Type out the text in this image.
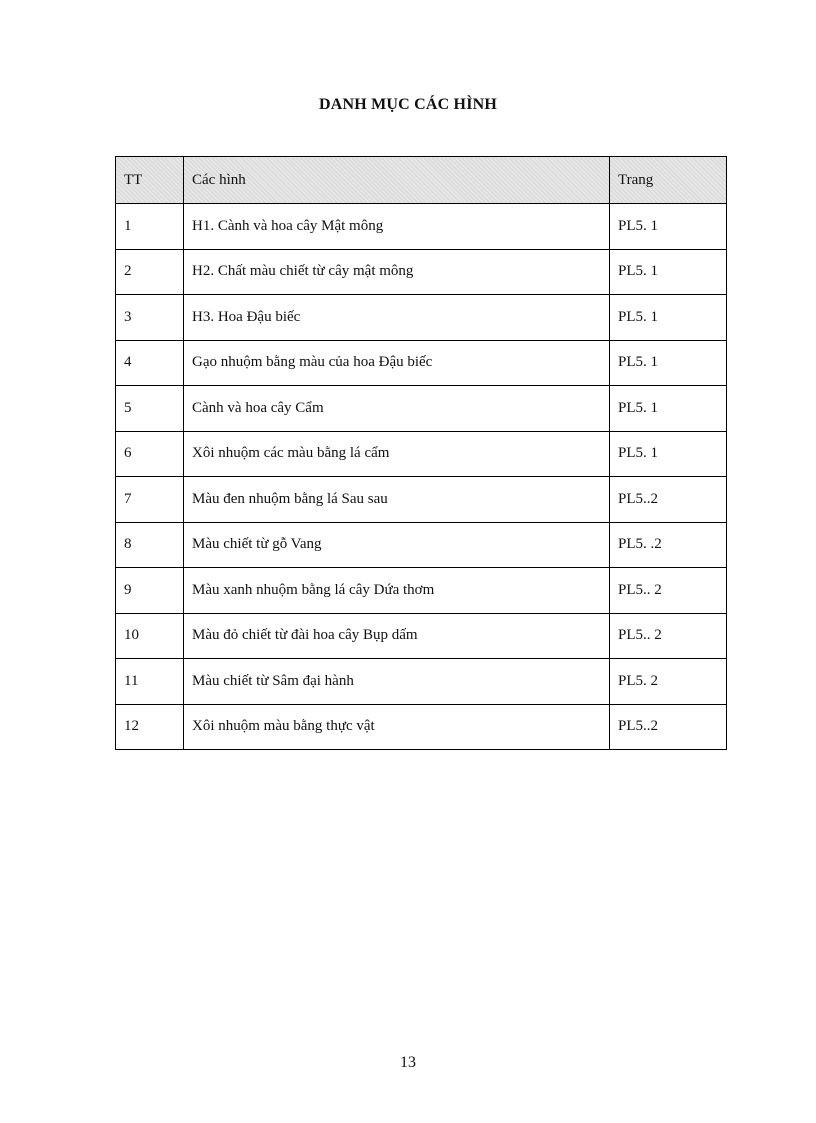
DANH MỤC CÁC HÌNH
TT	Các hình	Trang
1	H1. Cành và hoa cây Mật mông	PL5. 1
2	H2. Chất màu chiết từ cây mật mông	PL5. 1
3	H3. Hoa Đậu biếc	PL5. 1
4	Gạo nhuộm bằng màu của hoa Đậu biếc	PL5. 1
5	Cành và hoa cây Cẩm	PL5. 1
6	Xôi nhuộm các màu bằng lá cẩm	PL5. 1
7	Màu đen nhuộm bằng lá Sau sau	PL5..2
8	Màu chiết từ gỗ Vang	PL5. .2
9	Màu xanh nhuộm bằng lá cây Dứa thơm	PL5.. 2
10	Màu đỏ chiết từ đài hoa cây Bụp dấm	PL5.. 2
11	Màu chiết từ Sâm đại hành	PL5. 2
12	Xôi nhuộm màu bằng thực vật	PL5..2
13
